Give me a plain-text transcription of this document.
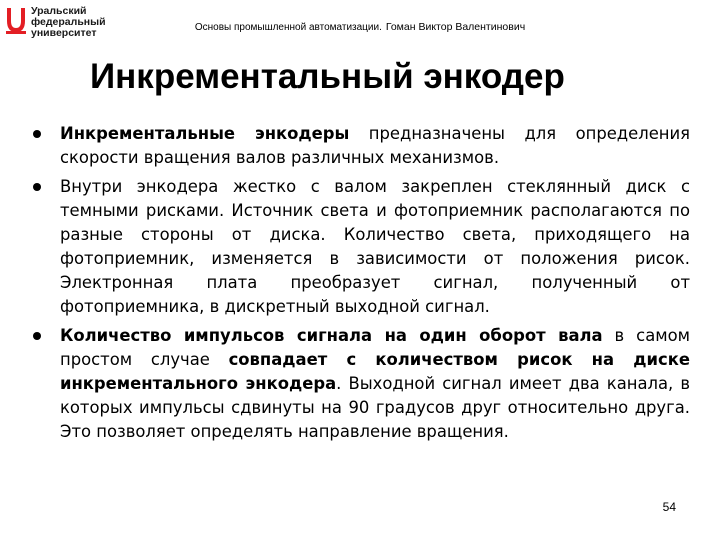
Уральский
федеральный
университет	Основы промышленной автоматизации. Гоман Виктор Валентинович
Инкрементальный энкодер

Инкрементальные энкодеры предназначены для определения скорости вращения валов различных механизмов.

Внутри энкодера жестко с валом закреплен стеклянный диск с темными рисками. Источник света и фотоприемник располагаются по разные стороны от диска. Количество света, приходящего на фотоприемник, изменяется в зависимости от положения рисок. Электронная плата преобразует сигнал, полученный от фотоприемника, в дискретный выходной сигнал.

Количество импульсов сигнала на один оборот вала в самом простом случае совпадает с количеством рисок на диске инкрементального энкодера. Выходной сигнал имеет два канала, в которых импульсы сдвинуты на 90 градусов друг относительно друга. Это позволяет определять направление вращения.

54
